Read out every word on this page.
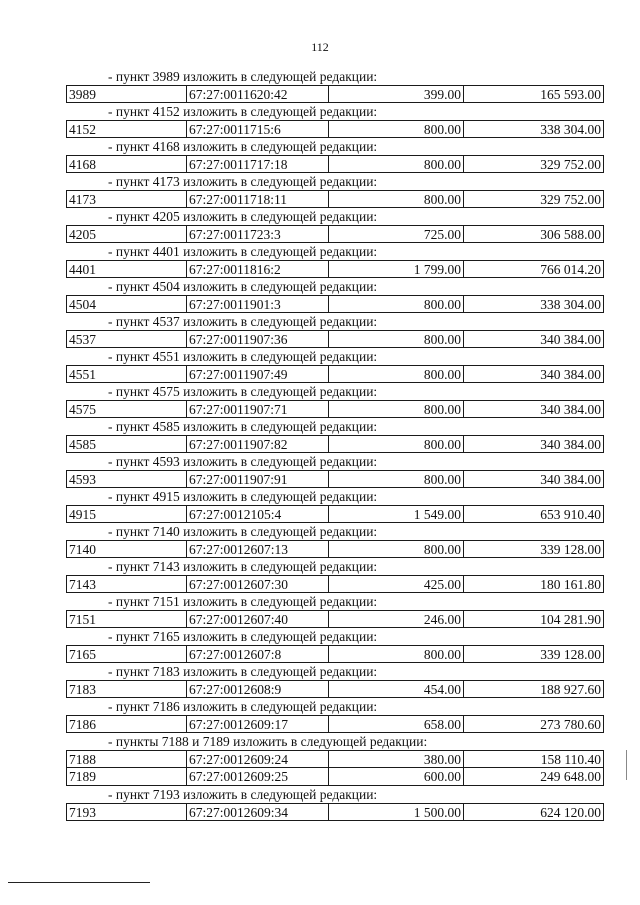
112
- пункт 3989 изложить в следующей редакции:
3989	67:27:0011620:42	399.00	165 593.00
- пункт 4152 изложить в следующей редакции:
4152	67:27:0011715:6	800.00	338 304.00
- пункт 4168 изложить в следующей редакции:
4168	67:27:0011717:18	800.00	329 752.00
- пункт 4173 изложить в следующей редакции:
4173	67:27:0011718:11	800.00	329 752.00
- пункт 4205 изложить в следующей редакции:
4205	67:27:0011723:3	725.00	306 588.00
- пункт 4401 изложить в следующей редакции:
4401	67:27:0011816:2	1 799.00	766 014.20
- пункт 4504 изложить в следующей редакции:
4504	67:27:0011901:3	800.00	338 304.00
- пункт 4537 изложить в следующей редакции:
4537	67:27:0011907:36	800.00	340 384.00
- пункт 4551 изложить в следующей редакции:
4551	67:27:0011907:49	800.00	340 384.00
- пункт 4575 изложить в следующей редакции:
4575	67:27:0011907:71	800.00	340 384.00
- пункт 4585 изложить в следующей редакции:
4585	67:27:0011907:82	800.00	340 384.00
- пункт 4593 изложить в следующей редакции:
4593	67:27:0011907:91	800.00	340 384.00
- пункт 4915 изложить в следующей редакции:
4915	67:27:0012105:4	1 549.00	653 910.40
- пункт 7140 изложить в следующей редакции:
7140	67:27:0012607:13	800.00	339 128.00
- пункт 7143 изложить в следующей редакции:
7143	67:27:0012607:30	425.00	180 161.80
- пункт 7151 изложить в следующей редакции:
7151	67:27:0012607:40	246.00	104 281.90
- пункт 7165 изложить в следующей редакции:
7165	67:27:0012607:8	800.00	339 128.00
- пункт 7183 изложить в следующей редакции:
7183	67:27:0012608:9	454.00	188 927.60
- пункт 7186 изложить в следующей редакции:
7186	67:27:0012609:17	658.00	273 780.60
- пункты 7188 и 7189 изложить в следующей редакции:
7188	67:27:0012609:24	380.00	158 110.40
7189	67:27:0012609:25	600.00	249 648.00
- пункт 7193 изложить в следующей редакции:
7193	67:27:0012609:34	1 500.00	624 120.00
